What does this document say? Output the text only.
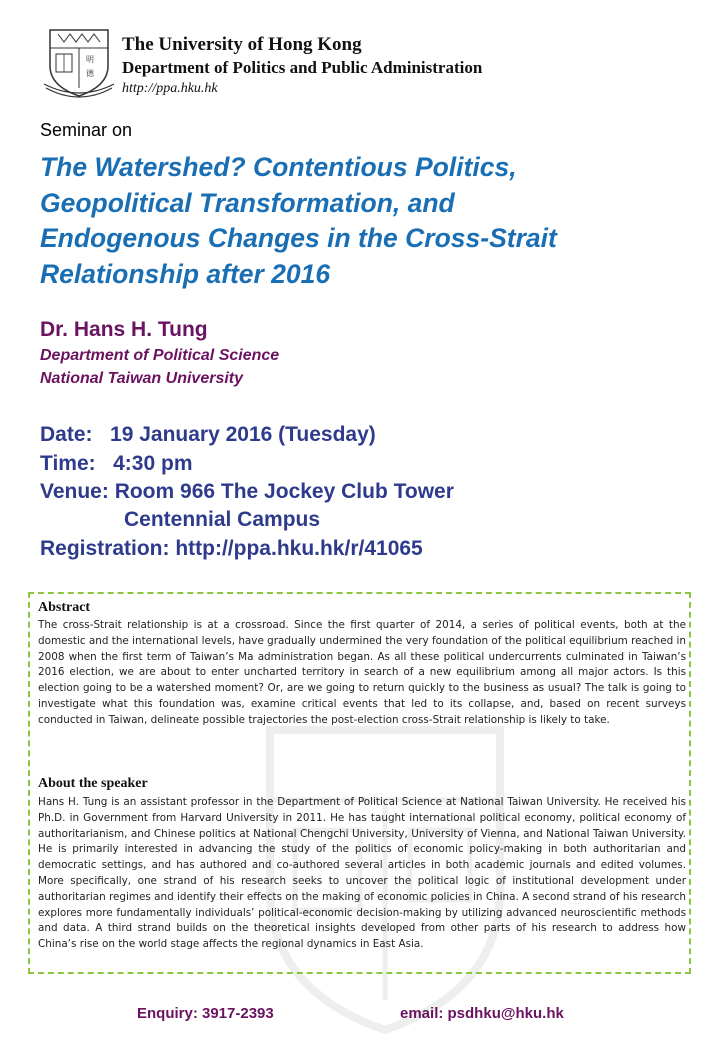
明
德
The University of Hong Kong
Department of Politics and Public Administration
http://ppa.hku.hk
Seminar on
The Watershed? Contentious Politics,
Geopolitical Transformation, and
Endogenous Changes in the Cross-Strait
Relationship after 2016
Dr. Hans H. Tung
Department of Political Science
National Taiwan University
Date:   19 January 2016 (Tuesday)
Time:   4:30 pm
Venue: Room 966 The Jockey Club Tower
Centennial Campus
Registration: http://ppa.hku.hk/r/41065
Abstract

The cross-Strait relationship is at a crossroad. Since the first quarter of 2014, a series of political events, both at the domestic and the international levels, have gradually undermined the very foundation of the political equilibrium reached in 2008 when the first term of Taiwan’s Ma administration began. As all these political undercurrents culminated in Taiwan’s 2016 election, we are about to enter uncharted territory in search of a new equilibrium among all major actors. Is this election going to be a watershed moment? Or, are we going to return quickly to the business as usual? The talk is going to investigate what this foundation was, examine critical events that led to its collapse, and, based on recent surveys conducted in Taiwan, delineate possible trajectories the post-election cross-Strait relationship is likely to take.

About the speaker

Hans H. Tung is an assistant professor in the Department of Political Science at National Taiwan University. He received his Ph.D. in Government from Harvard University in 2011. He has taught international political economy, political economy of authoritarianism, and Chinese politics at National Chengchi University, University of Vienna, and National Taiwan University. He is primarily interested in advancing the study of the politics of economic policy-making in both authoritarian and democratic settings, and has authored and co-authored several articles in both academic journals and edited volumes. More specifically, one strand of his research seeks to uncover the political logic of institutional development under authoritarian regimes and identify their effects on the making of economic policies in China. A second strand of his research explores more fundamentally individuals’ political-economic decision-making by utilizing advanced neuroscientific methods and data. A third strand builds on the theoretical insights developed from other parts of his research to address how China’s rise on the world stage affects the regional dynamics in East Asia.

Enquiry: 3917-2393	email: psdhku@hku.hk
